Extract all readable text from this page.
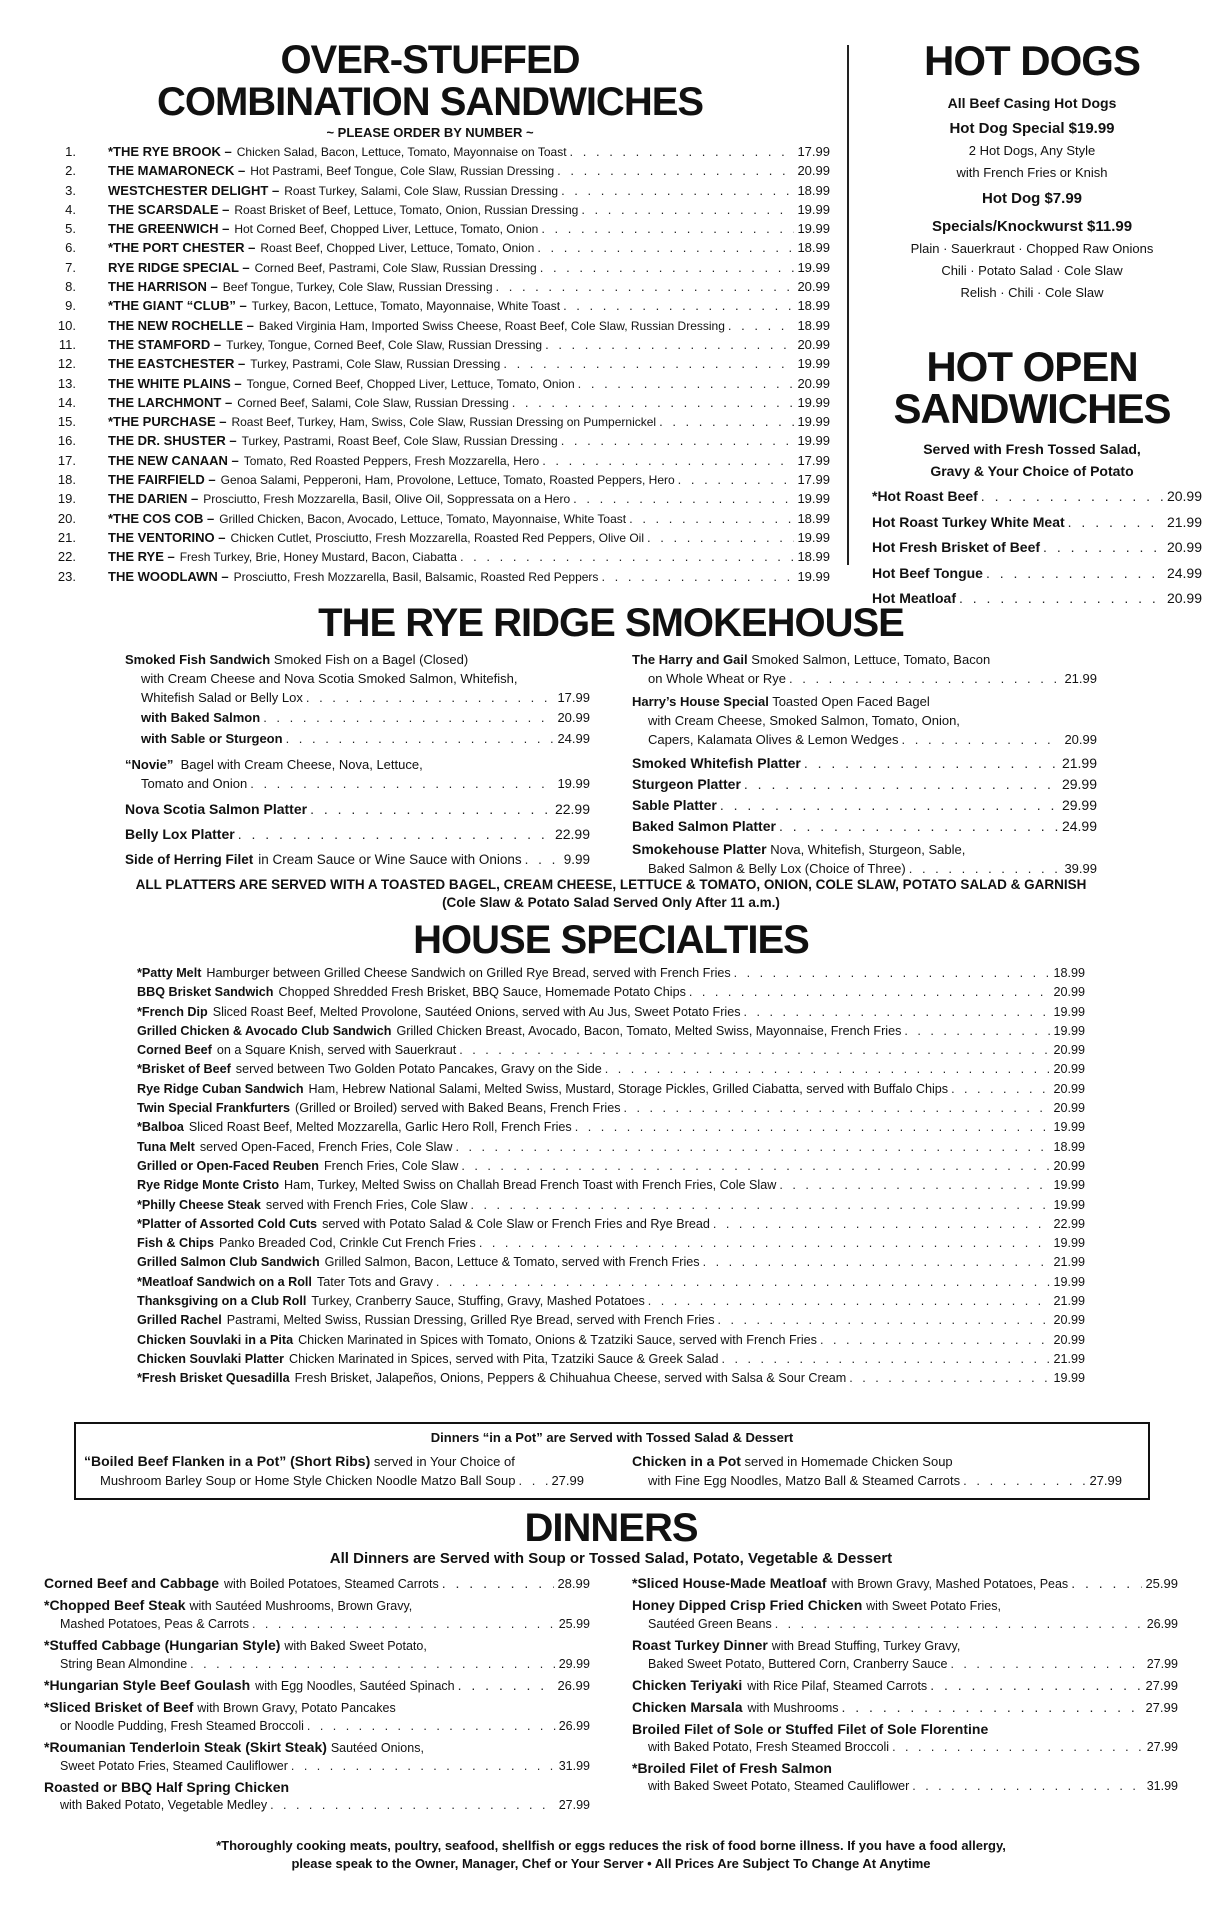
OVER-STUFFED
COMBINATION SANDWICHES
~ PLEASE ORDER BY NUMBER ~
1.	*THE RYE BROOK – Chicken Salad, Bacon, Lettuce, Tomato, Mayonnaise on Toast . . .	17.99
2.	THE MAMARONECK – Hot Pastrami, Beef Tongue, Cole Slaw, Russian Dressing . . .	20.99
3.	WESTCHESTER DELIGHT – Roast Turkey, Salami, Cole Slaw, Russian Dressing . . .	18.99
4.	THE SCARSDALE – Roast Brisket of Beef, Lettuce, Tomato, Onion, Russian Dressing . . .	19.99
5.	THE GREENWICH – Hot Corned Beef, Chopped Liver, Lettuce, Tomato, Onion . . .	19.99
6.	*THE PORT CHESTER – Roast Beef, Chopped Liver, Lettuce, Tomato, Onion . . .	18.99
7.	RYE RIDGE SPECIAL – Corned Beef, Pastrami, Cole Slaw, Russian Dressing . . .	19.99
8.	THE HARRISON – Beef Tongue, Turkey, Cole Slaw, Russian Dressing . . .	20.99
9.	*THE GIANT “CLUB” – Turkey, Bacon, Lettuce, Tomato, Mayonnaise, White Toast . . .	18.99
10.	THE NEW ROCHELLE – Baked Virginia Ham, Imported Swiss Cheese, Roast Beef, Cole Slaw, Russian Dressing . . .	18.99
11.	THE STAMFORD – Turkey, Tongue, Corned Beef, Cole Slaw, Russian Dressing . . .	20.99
12.	THE EASTCHESTER – Turkey, Pastrami, Cole Slaw, Russian Dressing . . .	19.99
13.	THE WHITE PLAINS – Tongue, Corned Beef, Chopped Liver, Lettuce, Tomato, Onion . . .	20.99
14.	THE LARCHMONT – Corned Beef, Salami, Cole Slaw, Russian Dressing . . .	19.99
15.	*THE PURCHASE – Roast Beef, Turkey, Ham, Swiss, Cole Slaw, Russian Dressing on Pumpernickel . . .	19.99
16.	THE DR. SHUSTER – Turkey, Pastrami, Roast Beef, Cole Slaw, Russian Dressing . . .	19.99
17.	THE NEW CANAAN – Tomato, Red Roasted Peppers, Fresh Mozzarella, Hero . . .	17.99
18.	THE FAIRFIELD – Genoa Salami, Pepperoni, Ham, Provolone, Lettuce, Tomato, Roasted Peppers, Hero . . .	17.99
19.	THE DARIEN – Prosciutto, Fresh Mozzarella, Basil, Olive Oil, Soppressata on a Hero . . .	19.99
20.	*THE COS COB – Grilled Chicken, Bacon, Avocado, Lettuce, Tomato, Mayonnaise, White Toast . . .	18.99
21.	THE VENTORINO – Chicken Cutlet, Prosciutto, Fresh Mozzarella, Roasted Red Peppers, Olive Oil . . .	19.99
22.	THE RYE – Fresh Turkey, Brie, Honey Mustard, Bacon, Ciabatta . . .	18.99
23.	THE WOODLAWN – Prosciutto, Fresh Mozzarella, Basil, Balsamic, Roasted Red Peppers . . .	19.99
HOT DOGS
All Beef Casing Hot Dogs
Hot Dog Special $19.99
2 Hot Dogs, Any Style
with French Fries or Knish
Hot Dog $7.99
Specials/Knockwurst $11.99
Plain · Sauerkraut · Chopped Raw Onions
Chili · Potato Salad · Cole Slaw
Relish · Chili · Cole Slaw
HOT OPEN
SANDWICHES
Served with Fresh Tossed Salad,
Gravy & Your Choice of Potato
*Hot Roast Beef . . .	20.99
Hot Roast Turkey White Meat . . .	21.99
Hot Fresh Brisket of Beef . . .	20.99
Hot Beef Tongue . . .	24.99
Hot Meatloaf . . .	20.99
THE RYE RIDGE SMOKEHOUSE
Smoked Fish Sandwich Smoked Fish on a Bagel (Closed)
with Cream Cheese and Nova Scotia Smoked Salmon, Whitefish,
Whitefish Salad or Belly Lox . . .	17.99
with Baked Salmon . . .	20.99
with Sable or Sturgeon . . .	24.99
“Novie” Bagel with Cream Cheese, Nova, Lettuce,
Tomato and Onion . . .	19.99
Nova Scotia Salmon Platter . . .	22.99
Belly Lox Platter . . .	22.99
Side of Herring Filet in Cream Sauce or Wine Sauce with Onions . . .	9.99
The Harry and Gail Smoked Salmon, Lettuce, Tomato, Bacon
on Whole Wheat or Rye . . .	21.99
Harry’s House Special Toasted Open Faced Bagel
with Cream Cheese, Smoked Salmon, Tomato, Onion,
Capers, Kalamata Olives & Lemon Wedges . . .	20.99
Smoked Whitefish Platter . . .	21.99
Sturgeon Platter . . .	29.99
Sable Platter . . .	29.99
Baked Salmon Platter . . .	24.99
Smokehouse Platter Nova, Whitefish, Sturgeon, Sable,
Baked Salmon & Belly Lox (Choice of Three) . . .	39.99
ALL PLATTERS ARE SERVED WITH A TOASTED BAGEL, CREAM CHEESE, LETTUCE & TOMATO, ONION, COLE SLAW, POTATO SALAD & GARNISH
(Cole Slaw & Potato Salad Served Only After 11 a.m.)
HOUSE SPECIALTIES
*Patty Melt Hamburger between Grilled Cheese Sandwich on Grilled Rye Bread, served with French Fries . . .	18.99
BBQ Brisket Sandwich Chopped Shredded Fresh Brisket, BBQ Sauce, Homemade Potato Chips . . .	20.99
*French Dip Sliced Roast Beef, Melted Provolone, Sautéed Onions, served with Au Jus, Sweet Potato Fries . . .	19.99
Grilled Chicken & Avocado Club Sandwich Grilled Chicken Breast, Avocado, Bacon, Tomato, Melted Swiss, Mayonnaise, French Fries . . .	19.99
Corned Beef on a Square Knish, served with Sauerkraut . . .	20.99
*Brisket of Beef served between Two Golden Potato Pancakes, Gravy on the Side . . .	20.99
Rye Ridge Cuban Sandwich Ham, Hebrew National Salami, Melted Swiss, Mustard, Storage Pickles, Grilled Ciabatta, served with Buffalo Chips . . .	20.99
Twin Special Frankfurters (Grilled or Broiled) served with Baked Beans, French Fries . . .	20.99
*Balboa Sliced Roast Beef, Melted Mozzarella, Garlic Hero Roll, French Fries . . .	19.99
Tuna Melt served Open-Faced, French Fries, Cole Slaw . . .	18.99
Grilled or Open-Faced Reuben French Fries, Cole Slaw . . .	20.99
Rye Ridge Monte Cristo Ham, Turkey, Melted Swiss on Challah Bread French Toast with French Fries, Cole Slaw . . .	19.99
*Philly Cheese Steak served with French Fries, Cole Slaw . . .	19.99
*Platter of Assorted Cold Cuts served with Potato Salad & Cole Slaw or French Fries and Rye Bread . . .	22.99
Fish & Chips Panko Breaded Cod, Crinkle Cut French Fries . . .	19.99
Grilled Salmon Club Sandwich Grilled Salmon, Bacon, Lettuce & Tomato, served with French Fries . . .	21.99
*Meatloaf Sandwich on a Roll Tater Tots and Gravy . . .	19.99
Thanksgiving on a Club Roll Turkey, Cranberry Sauce, Stuffing, Gravy, Mashed Potatoes . . .	21.99
Grilled Rachel Pastrami, Melted Swiss, Russian Dressing, Grilled Rye Bread, served with French Fries . . .	20.99
Chicken Souvlaki in a Pita Chicken Marinated in Spices with Tomato, Onions & Tzatziki Sauce, served with French Fries . . .	20.99
Chicken Souvlaki Platter Chicken Marinated in Spices, served with Pita, Tzatziki Sauce & Greek Salad . . .	21.99
*Fresh Brisket Quesadilla Fresh Brisket, Jalapeños, Onions, Peppers & Chihuahua Cheese, served with Salsa & Sour Cream . . .	19.99
Dinners “in a Pot” are Served with Tossed Salad & Dessert
“Boiled Beef Flanken in a Pot” (Short Ribs) served in Your Choice of
Mushroom Barley Soup or Home Style Chicken Noodle Matzo Ball Soup . . .	27.99
Chicken in a Pot served in Homemade Chicken Soup
with Fine Egg Noodles, Matzo Ball & Steamed Carrots . . .	27.99
DINNERS
All Dinners are Served with Soup or Tossed Salad, Potato, Vegetable & Dessert
Corned Beef and Cabbage with Boiled Potatoes, Steamed Carrots . . .	28.99
*Chopped Beef Steak with Sautéed Mushrooms, Brown Gravy,
Mashed Potatoes, Peas & Carrots . . .	25.99
*Stuffed Cabbage (Hungarian Style) with Baked Sweet Potato,
String Bean Almondine . . .	29.99
*Hungarian Style Beef Goulash with Egg Noodles, Sautéed Spinach . . .	26.99
*Sliced Brisket of Beef with Brown Gravy, Potato Pancakes
or Noodle Pudding, Fresh Steamed Broccoli . . .	26.99
*Roumanian Tenderloin Steak (Skirt Steak) Sautéed Onions,
Sweet Potato Fries, Steamed Cauliflower . . .	31.99
Roasted or BBQ Half Spring Chicken
with Baked Potato, Vegetable Medley . . .	27.99
*Sliced House-Made Meatloaf with Brown Gravy, Mashed Potatoes, Peas . . .	25.99
Honey Dipped Crisp Fried Chicken with Sweet Potato Fries,
Sautéed Green Beans . . .	26.99
Roast Turkey Dinner with Bread Stuffing, Turkey Gravy,
Baked Sweet Potato, Buttered Corn, Cranberry Sauce . . .	27.99
Chicken Teriyaki with Rice Pilaf, Steamed Carrots . . .	27.99
Chicken Marsala with Mushrooms . . .	27.99
Broiled Filet of Sole or Stuffed Filet of Sole Florentine
with Baked Potato, Fresh Steamed Broccoli . . .	27.99
*Broiled Filet of Fresh Salmon
with Baked Sweet Potato, Steamed Cauliflower . . .	31.99
*Thoroughly cooking meats, poultry, seafood, shellfish or eggs reduces the risk of food borne illness. If you have a food allergy,
please speak to the Owner, Manager, Chef or Your Server • All Prices Are Subject To Change At Anytime
